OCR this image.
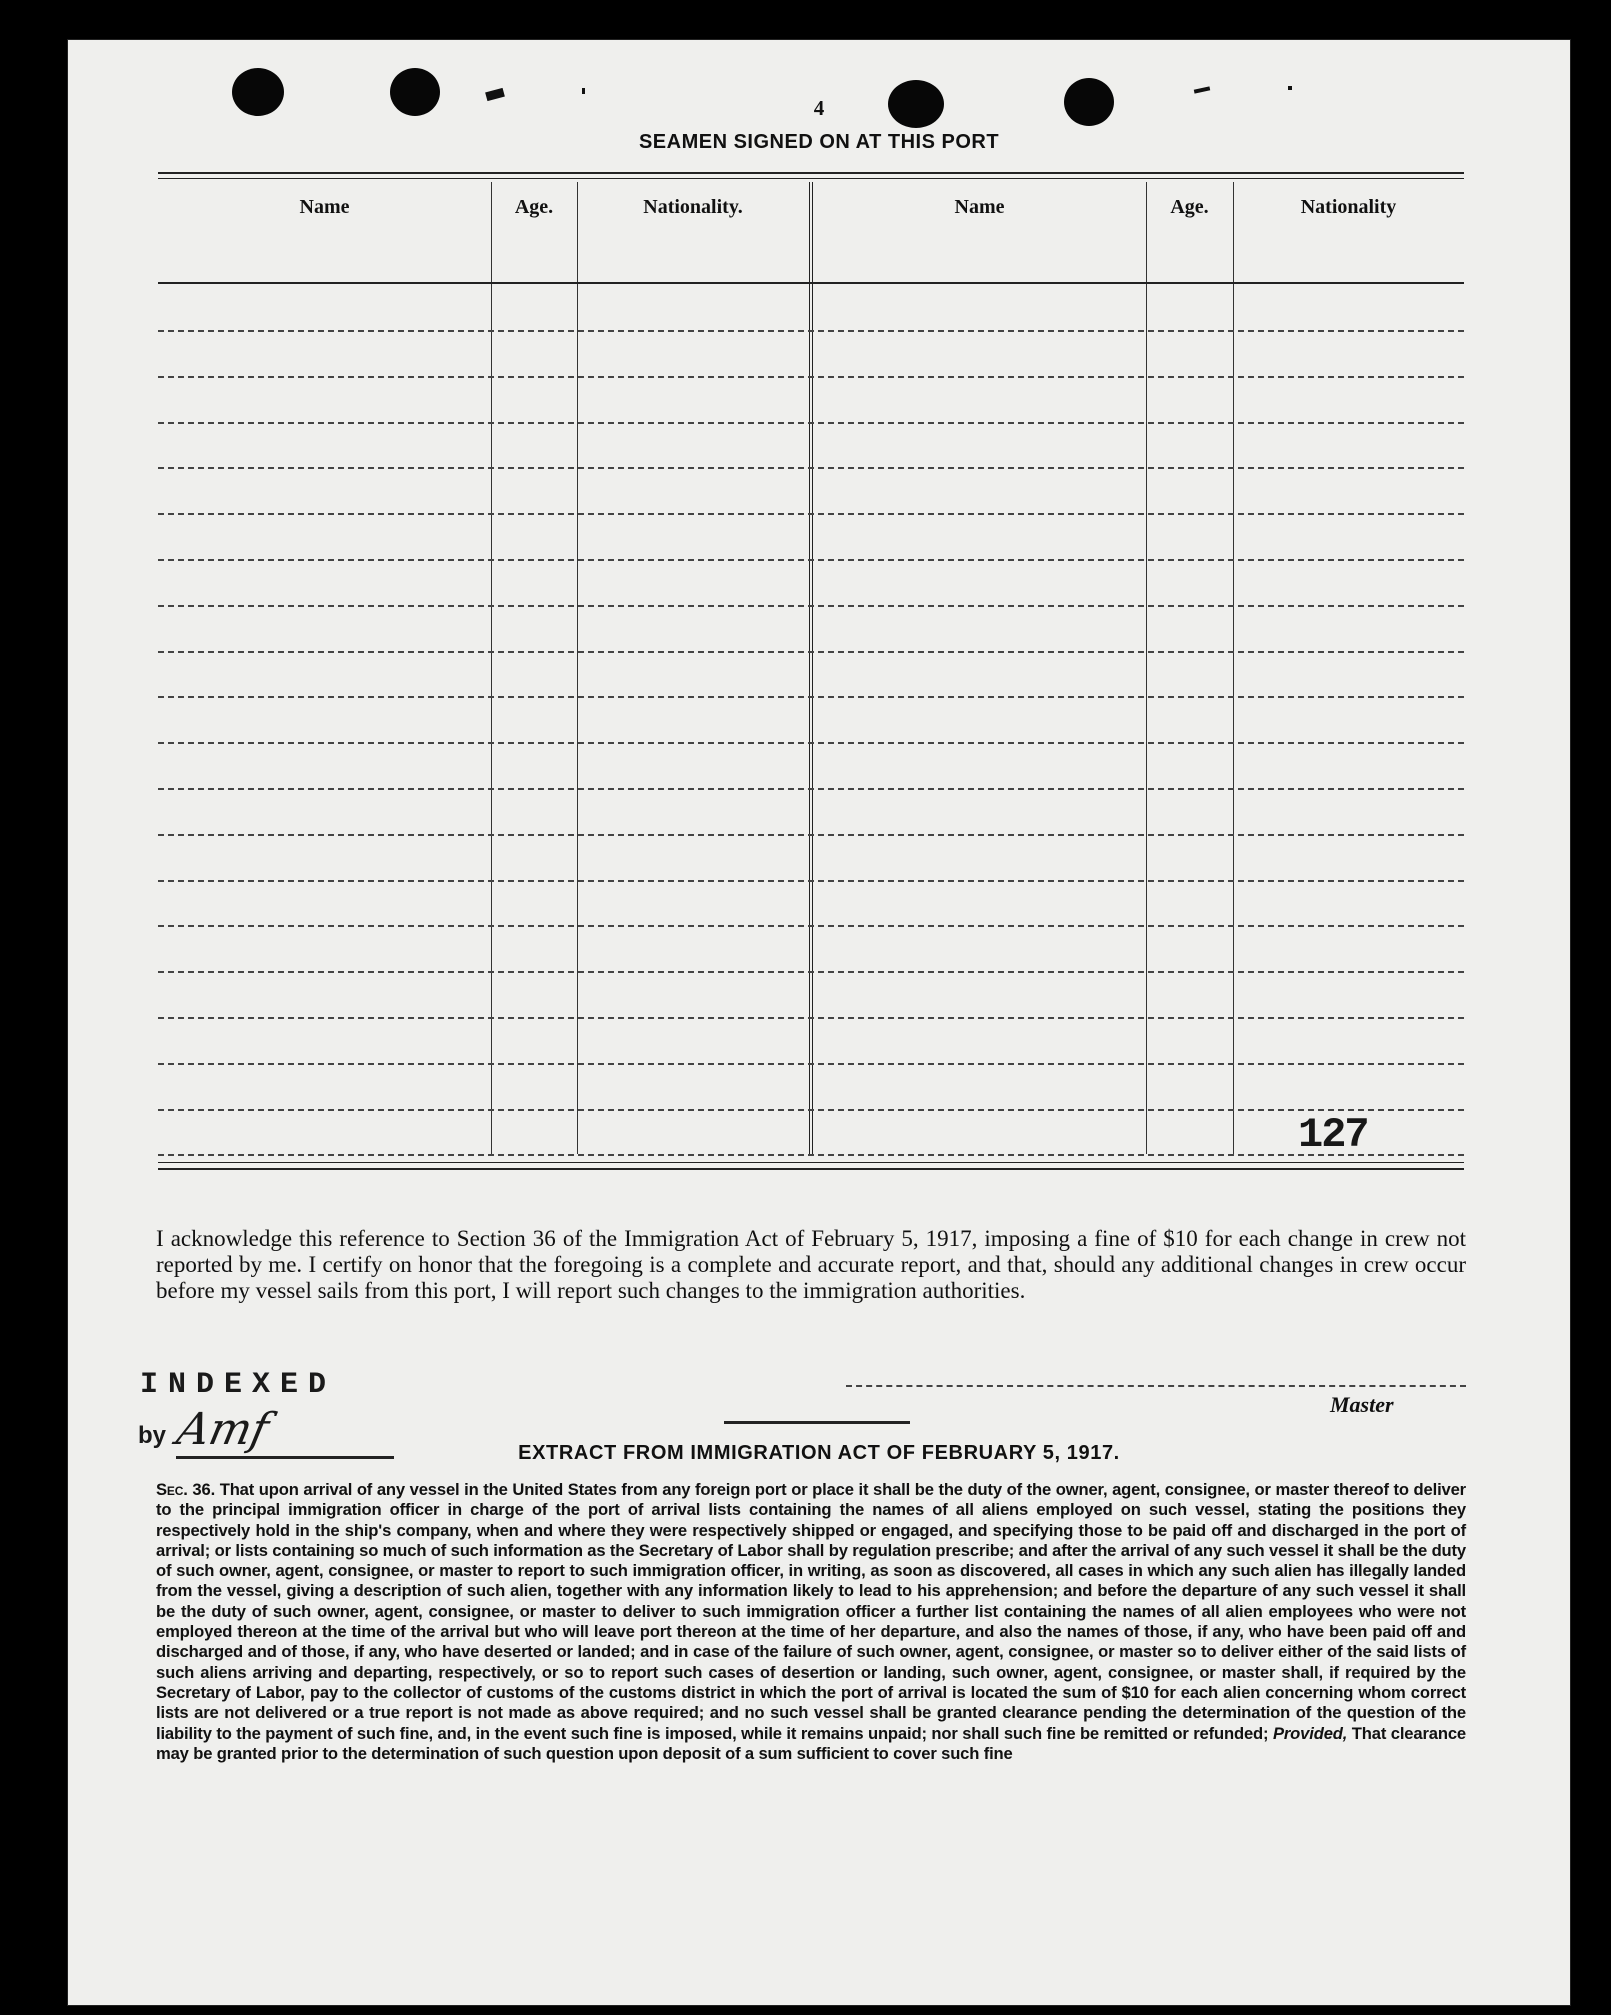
4
SEAMEN SIGNED ON AT THIS PORT
Name	Age.	Nationality.	Name	Age.	Nationality
127
I acknowledge this reference to Section 36 of the Immigration Act of February 5, 1917, imposing a fine of $10 for each change in crew not reported by me. I certify on honor that the foregoing is a complete and accurate report, and that, should any additional changes in crew occur before my vessel sails from this port, I will report such changes to the immigration authorities.
INDEXED
by Amf	Master
EXTRACT FROM IMMIGRATION ACT OF FEBRUARY 5, 1917.
Sec. 36. That upon arrival of any vessel in the United States from any foreign port or place it shall be the duty of the owner, agent, consignee, or master thereof to deliver to the principal immigration officer in charge of the port of arrival lists containing the names of all aliens employed on such vessel, stating the positions they respectively hold in the ship's company, when and where they were respectively shipped or engaged, and specifying those to be paid off and discharged in the port of arrival; or lists containing so much of such information as the Secretary of Labor shall by regulation prescribe; and after the arrival of any such vessel it shall be the duty of such owner, agent, consignee, or master to report to such immigration officer, in writing, as soon as discovered, all cases in which any such alien has illegally landed from the vessel, giving a description of such alien, together with any information likely to lead to his apprehension; and before the departure of any such vessel it shall be the duty of such owner, agent, consignee, or master to deliver to such immigration officer a further list containing the names of all alien employees who were not employed thereon at the time of the arrival but who will leave port thereon at the time of her departure, and also the names of those, if any, who have been paid off and discharged and of those, if any, who have deserted or landed; and in case of the failure of such owner, agent, consignee, or master so to deliver either of the said lists of such aliens arriving and departing, respectively, or so to report such cases of desertion or landing, such owner, agent, consignee, or master shall, if required by the Secretary of Labor, pay to the collector of customs of the customs district in which the port of arrival is located the sum of $10 for each alien concerning whom correct lists are not delivered or a true report is not made as above required; and no such vessel shall be granted clearance pending the determination of the question of the liability to the payment of such fine, and, in the event such fine is imposed, while it remains unpaid; nor shall such fine be remitted or refunded; Provided, That clearance may be granted prior to the determination of such question upon deposit of a sum sufficient to cover such fine
